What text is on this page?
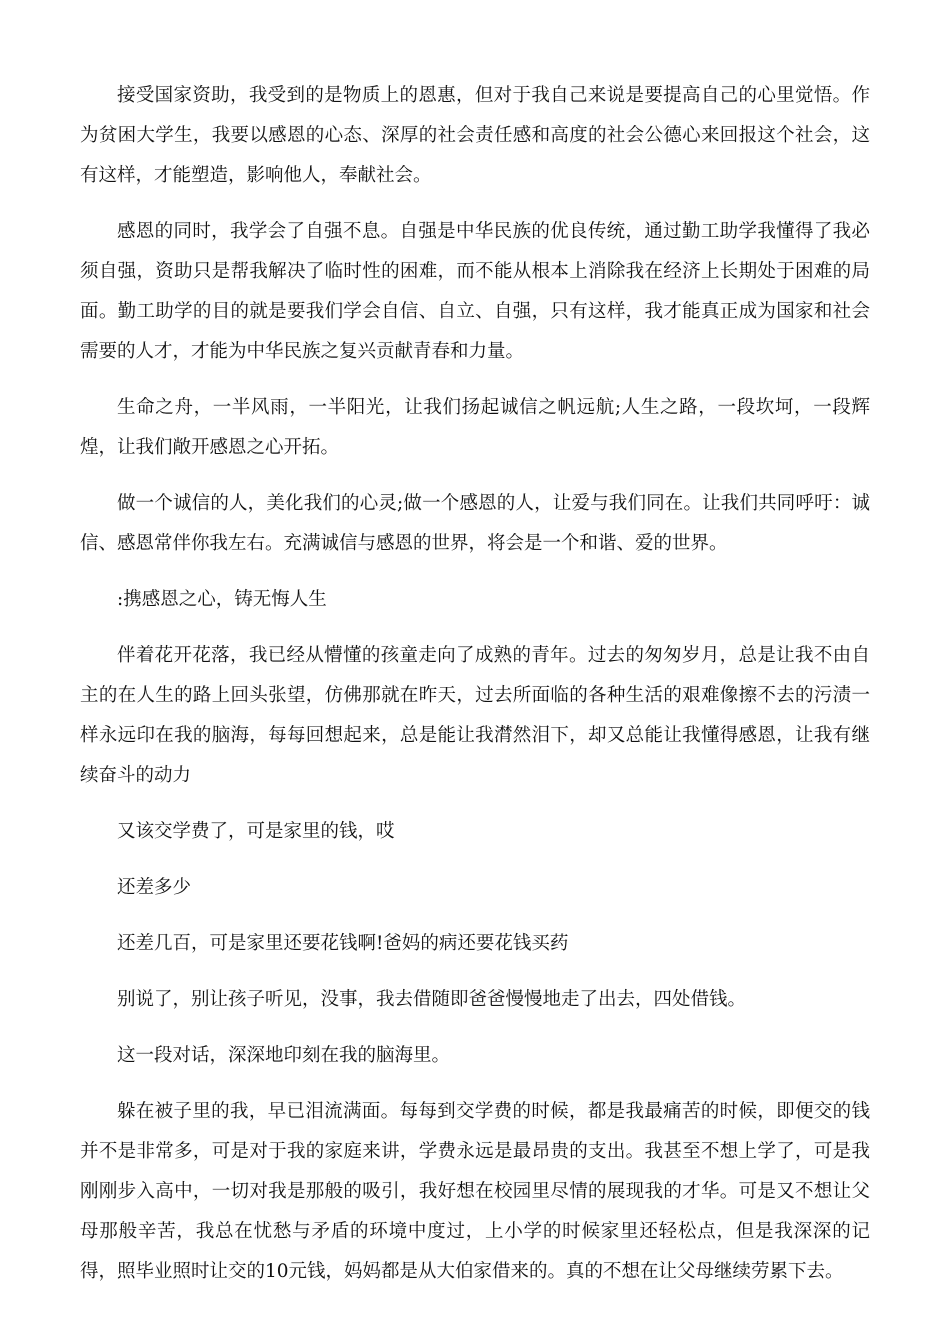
接受国家资助，我受到的是物质上的恩惠，但对于我自己来说是要提高自己的心里觉悟。作为贫困大学生，我要以感恩的心态、深厚的社会责任感和高度的社会公德心来回报这个社会，这有这样，才能塑造，影响他人，奉献社会。

感恩的同时，我学会了自强不息。自强是中华民族的优良传统，通过勤工助学我懂得了我必须自强，资助只是帮我解决了临时性的困难，而不能从根本上消除我在经济上长期处于困难的局面。勤工助学的目的就是要我们学会自信、自立、自强，只有这样，我才能真正成为国家和社会需要的人才，才能为中华民族之复兴贡献青春和力量。

生命之舟，一半风雨，一半阳光，让我们扬起诚信之帆远航;人生之路，一段坎坷，一段辉煌，让我们敞开感恩之心开拓。

做一个诚信的人，美化我们的心灵;做一个感恩的人，让爱与我们同在。让我们共同呼吁：诚信、感恩常伴你我左右。充满诚信与感恩的世界，将会是一个和谐、爱的世界。

:携感恩之心，铸无悔人生

伴着花开花落，我已经从懵懂的孩童走向了成熟的青年。过去的匆匆岁月，总是让我不由自主的在人生的路上回头张望，仿佛那就在昨天，过去所面临的各种生活的艰难像擦不去的污渍一样永远印在我的脑海，每每回想起来，总是能让我潸然泪下，却又总能让我懂得感恩，让我有继续奋斗的动力

又该交学费了，可是家里的钱，哎

还差多少

还差几百，可是家里还要花钱啊!爸妈的病还要花钱买药

别说了，别让孩子听见，没事，我去借随即爸爸慢慢地走了出去，四处借钱。

这一段对话，深深地印刻在我的脑海里。

躲在被子里的我，早已泪流满面。每每到交学费的时候，都是我最痛苦的时候，即便交的钱并不是非常多，可是对于我的家庭来讲，学费永远是最昂贵的支出。我甚至不想上学了，可是我刚刚步入高中，一切对我是那般的吸引，我好想在校园里尽情的展现我的才华。可是又不想让父母那般辛苦，我总在忧愁与矛盾的环境中度过，上小学的时候家里还轻松点，但是我深深的记得，照毕业照时让交的10元钱，妈妈都是从大伯家借来的。真的不想在让父母继续劳累下去。
